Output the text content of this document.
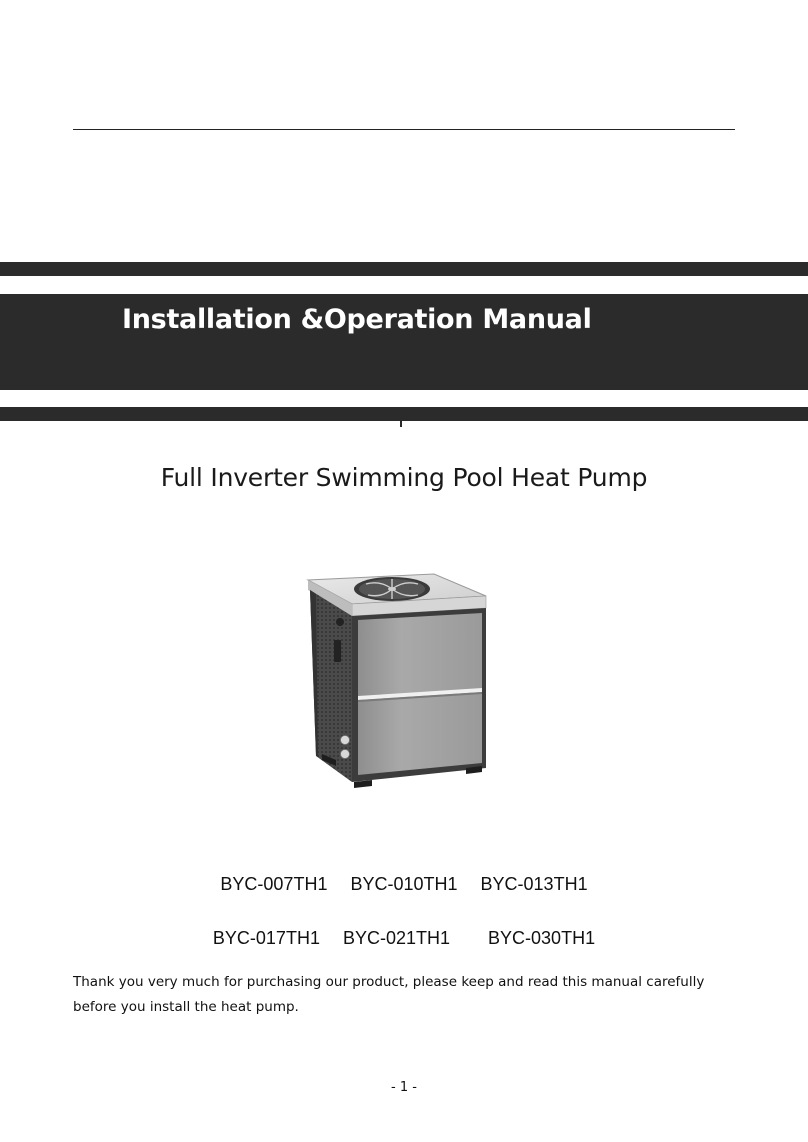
Installation &Operation Manual
Full Inverter Swimming Pool Heat Pump
BYC-007TH1 BYC-010TH1 BYC-013TH1
BYC-017TH1 BYC-021TH1 BYC-030TH1
Thank you very much for purchasing our product, please keep and read this manual carefully before you install the heat pump.
- 1 -
